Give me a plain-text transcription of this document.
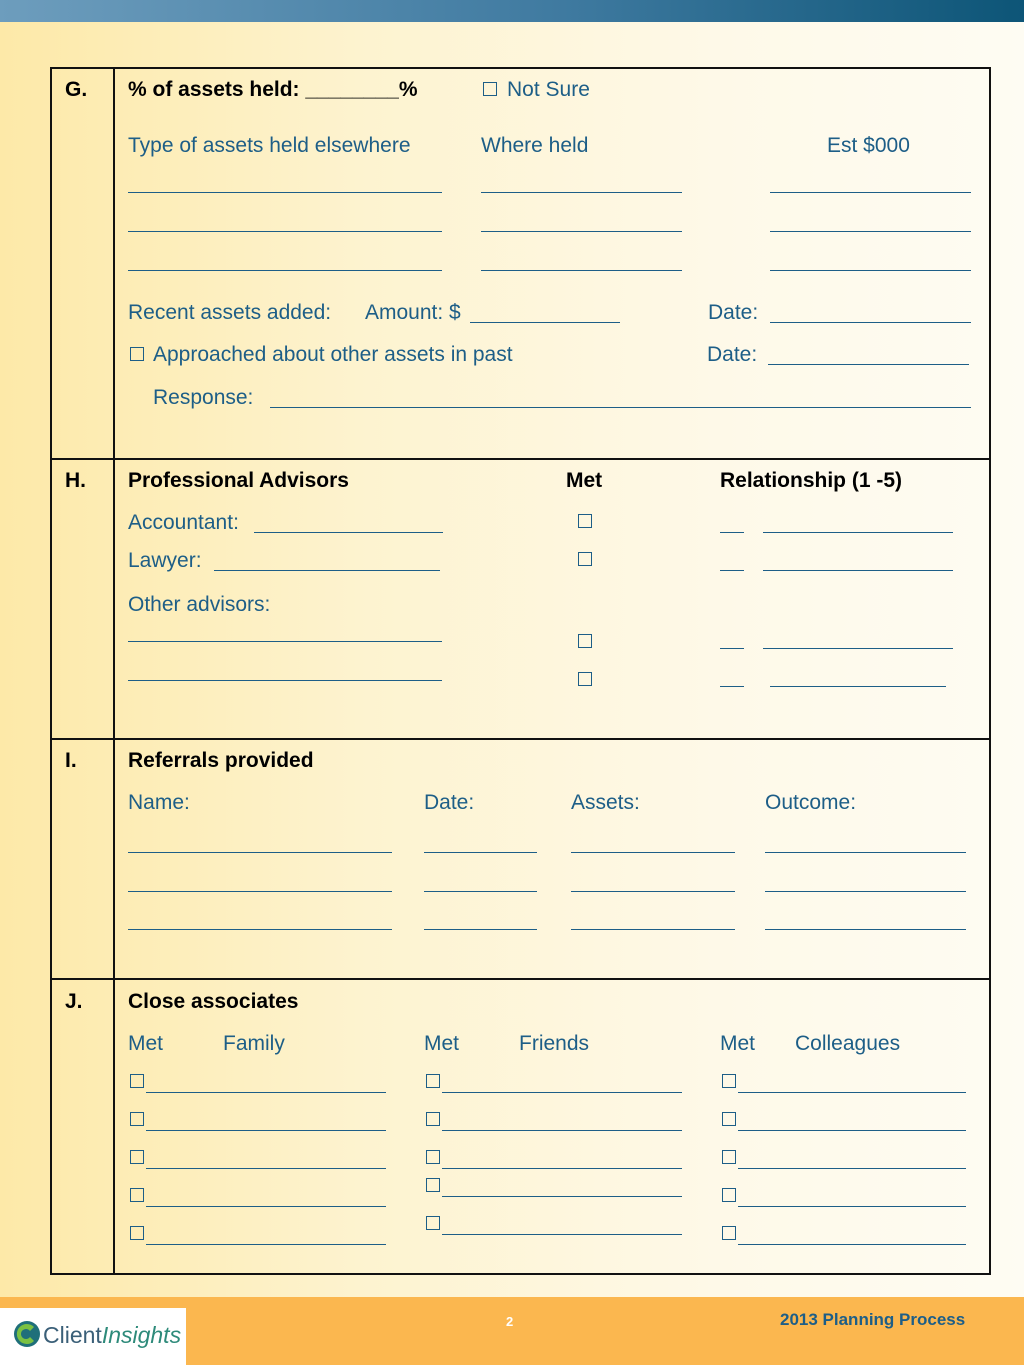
G. % of assets held: ________%	Not Sure
Type of assets held elsewhere	Where held	Est $000
Recent assets added: Amount: $	Date:
Approached about other assets in past	Date:
Response:
H. Professional Advisors	Met	Relationship (1 -5)
Accountant:
Lawyer:
Other advisors:
I. Referrals provided
Name:	Date:	Assets:	Outcome:
J. Close associates
Met	Family	Met	Friends	Met Colleagues
ClientInsights
2	2013 Planning Process
